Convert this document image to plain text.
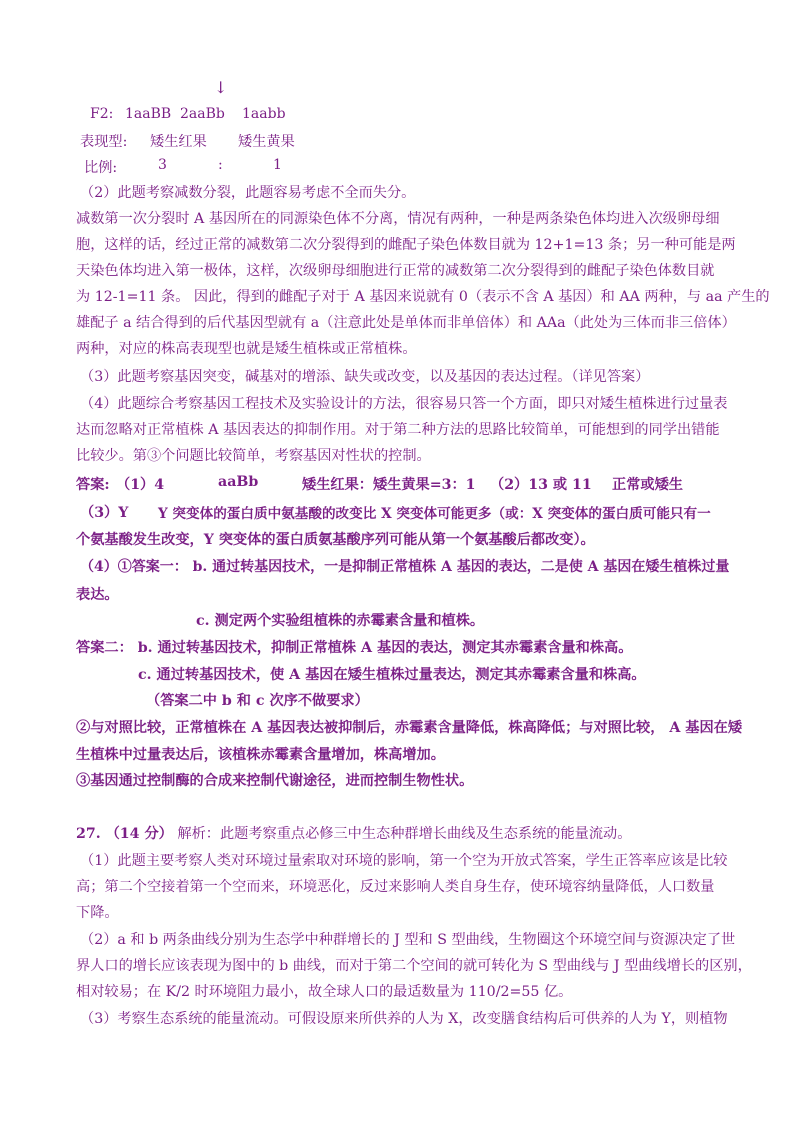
↓
F2: 1aaBB 2aaBb 1aabb
表现型: 矮生红果 矮生黄果
比例:	3	:	1
（2）此题考察减数分裂，此题容易考虑不全而失分。
减数第一次分裂时 A 基因所在的同源染色体不分离，情况有两种，一种是两条染色体均进入次级卵母细
胞，这样的话，经过正常的减数第二次分裂得到的雌配子染色体数目就为 12+1=13 条；另一种可能是两
天染色体均进入第一极体，这样，次级卵母细胞进行正常的减数第二次分裂得到的雌配子染色体数目就
为 12-1=11 条。 因此，得到的雌配子对于 A 基因来说就有 0（表示不含 A 基因）和 AA 两种，与 aa 产生的
雄配子 a 结合得到的后代基因型就有 a（注意此处是单体而非单倍体）和 AAa（此处为三体而非三倍体）
两种，对应的株高表现型也就是矮生植株或正常植株。
（3）此题考察基因突变，碱基对的增添、缺失或改变，以及基因的表达过程。（详见答案）
（4）此题综合考察基因工程技术及实验设计的方法，很容易只答一个方面，即只对矮生植株进行过量表
达而忽略对正常植株 A 基因表达的抑制作用。对于第二种方法的思路比较简单，可能想到的同学出错能
比较少。第③个问题比较简单，考察基因对性状的控制。
答案: （1）4	aaBb	矮生红果：矮生黄果=3：1 （2）13 或 11 正常或矮生
（3）Y Y 突变体的蛋白质中氨基酸的改变比 X 突变体可能更多（或：X 突变体的蛋白质可能只有一
个氨基酸发生改变，Y 突变体的蛋白质氨基酸序列可能从第一个氨基酸后都改变）。
（4）①答案一： b. 通过转基因技术，一是抑制正常植株 A 基因的表达，二是使 A 基因在矮生植株过量
表达。
c. 测定两个实验组植株的赤霉素含量和植株。
答案二： b. 通过转基因技术，抑制正常植株 A 基因的表达，测定其赤霉素含量和株高。
c. 通过转基因技术，使 A 基因在矮生植株过量表达，测定其赤霉素含量和株高。
（答案二中 b 和 c 次序不做要求）
②与对照比较，正常植株在 A 基因表达被抑制后，赤霉素含量降低，株高降低；与对照比较， A 基因在矮
生植株中过量表达后，该植株赤霉素含量增加，株高增加。
③基因通过控制酶的合成来控制代谢途径，进而控制生物性状。
27. （14 分） 解析：此题考察重点必修三中生态种群增长曲线及生态系统的能量流动。
（1）此题主要考察人类对环境过量索取对环境的影响，第一个空为开放式答案，学生正答率应该是比较
高；第二个空接着第一个空而来，环境恶化，反过来影响人类自身生存，使环境容纳量降低，人口数量
下降。
（2）a 和 b 两条曲线分别为生态学中种群增长的 J 型和 S 型曲线，生物圈这个环境空间与资源决定了世
界人口的增长应该表现为图中的 b 曲线，而对于第二个空间的就可转化为 S 型曲线与 J 型曲线增长的区别，
相对较易；在 K/2 时环境阻力最小，故全球人口的最适数量为 110/2=55 亿。
（3）考察生态系统的能量流动。可假设原来所供养的人为 X，改变膳食结构后可供养的人为 Y，则植物
